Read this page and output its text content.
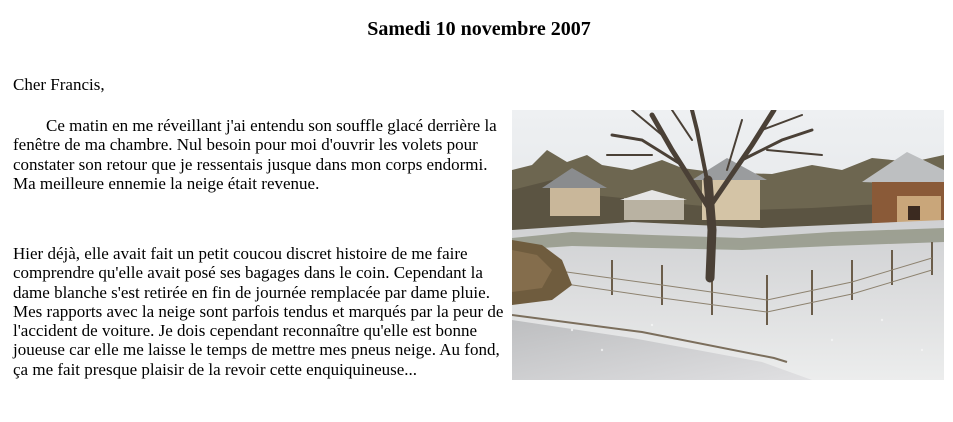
Samedi 10 novembre 2007

Cher Francis,

Ce matin en me réveillant j'ai entendu son souffle glacé derrière la fenêtre de ma chambre. Nul besoin pour moi d'ouvrir les volets pour constater son retour que je ressentais jusque dans mon corps endormi. Ma meilleure ennemie la neige était revenue.

Hier déjà, elle avait fait un petit coucou discret histoire de me faire comprendre qu'elle avait posé ses bagages dans le coin. Cependant la dame blanche s'est retirée en fin de journée remplacée par dame pluie. Mes rapports avec la neige sont parfois tendus et marqués par la peur de l'accident de voiture. Je dois cependant reconnaître qu'elle est bonne joueuse car elle me laisse le temps de mettre mes pneus neige. Au fond, ça me fait presque plaisir de la revoir cette enquiquineuse...
